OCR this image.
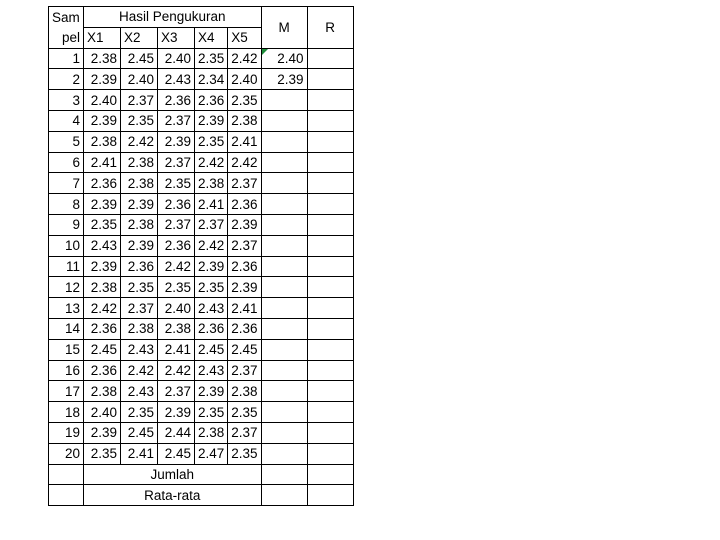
Sam	Hasil Pengukuran					M	R
pel	X1	X2	X3	X4	X5		
1	2.38	2.45	2.40	2.35	2.42	2.40

2	2.39	2.40	2.43	2.34	2.40	2.39	
3	2.40	2.37	2.36	2.36	2.35		
4	2.39	2.35	2.37	2.39	2.38		
5	2.38	2.42	2.39	2.35	2.41		
6	2.41	2.38	2.37	2.42	2.42		
7	2.36	2.38	2.35	2.38	2.37		
8	2.39	2.39	2.36	2.41	2.36		
9	2.35	2.38	2.37	2.37	2.39		
10	2.43	2.39	2.36	2.42	2.37		
11	2.39	2.36	2.42	2.39	2.36		
12	2.38	2.35	2.35	2.35	2.39		
13	2.42	2.37	2.40	2.43	2.41		
14	2.36	2.38	2.38	2.36	2.36		
15	2.45	2.43	2.41	2.45	2.45		
16	2.36	2.42	2.42	2.43	2.37		
17	2.38	2.43	2.37	2.39	2.38		
18	2.40	2.35	2.39	2.35	2.35		
19	2.39	2.45	2.44	2.38	2.37		
20	2.35	2.41	2.45	2.47	2.35		
	Jumlah						
	Rata-rata						
